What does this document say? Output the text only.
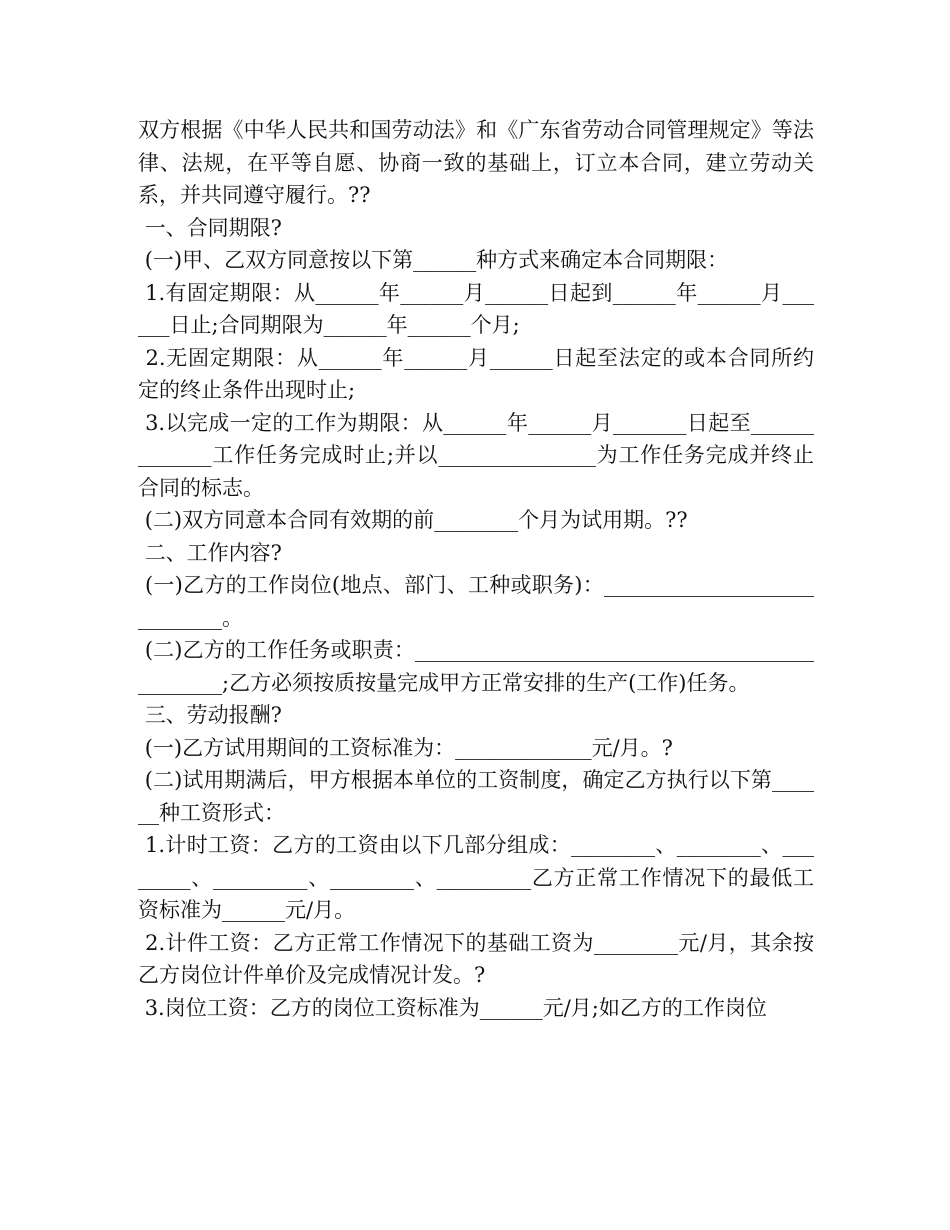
双方根据《中华人民共和国劳动法》和《广东省劳动合同管理规定》等法律、法规，在平等自愿、协商一致的基础上，订立本合同，建立劳动关系，并共同遵守履行。??

一、合同期限?

(一)甲、乙双方同意按以下第______种方式来确定本合同期限：

1.有固定期限：从______年______月______日起到______年______月______日止;合同期限为______年______个月;

2.无固定期限：从______年______月______日起至法定的或本合同所约定的终止条件出现时止;

3.以完成一定的工作为期限：从______年______月_______日起至_____________工作任务完成时止;并以_______________为工作任务完成并终止合同的标志。

(二)双方同意本合同有效期的前________个月为试用期。??

二、工作内容?

(一)乙方的工作岗位(地点、部门、工种或职务)：____________________________。

(二)乙方的工作任务或职责：______________________________________________;乙方必须按质按量完成甲方正常安排的生产(工作)任务。

三、劳动报酬?

(一)乙方试用期间的工资标准为：_____________元/月。?

(二)试用期满后，甲方根据本单位的工资制度，确定乙方执行以下第______种工资形式：

1.计时工资：乙方的工资由以下几部分组成：________、________、________、_________、________、_________乙方正常工作情况下的最低工资标准为______元/月。

2.计件工资：乙方正常工作情况下的基础工资为________元/月，其余按乙方岗位计件单价及完成情况计发。?

3.岗位工资：乙方的岗位工资标准为______元/月;如乙方的工作岗位
